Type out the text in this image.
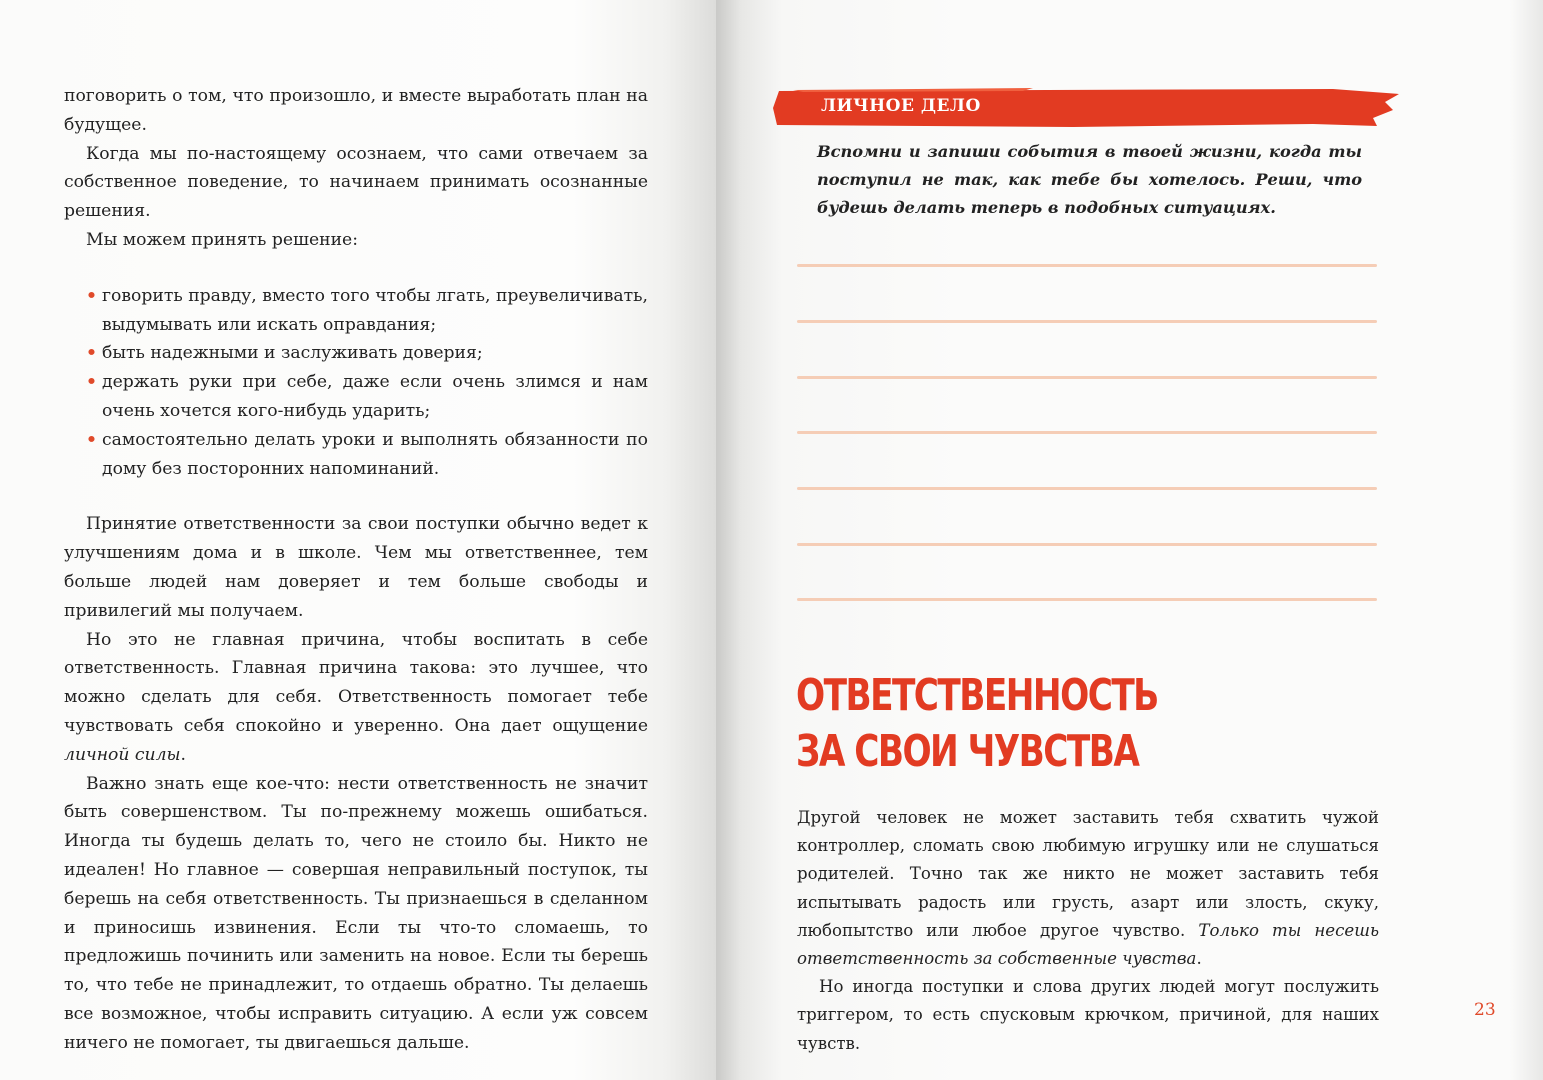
поговорить о том, что произошло, и вместе выработать план на будущее.

Когда мы по-настоящему осознаем, что сами отвечаем за собственное поведение, то начинаем принимать осознанные решения.

Мы можем принять решение:

•
говорить правду, вместо того чтобы лгать, преувеличивать, выдумывать или искать оправдания;
•
быть надежными и заслуживать доверия;
•
держать руки при себе, даже если очень злимся и нам очень хочется кого-нибудь ударить;
•
самостоятельно делать уроки и выполнять обязанности по дому без посторонних напоминаний.

Принятие ответственности за свои поступки обычно ведет к улучшениям дома и в школе. Чем мы ответственнее, тем больше людей нам доверяет и тем больше свободы и привилегий мы получаем.

Но это не главная причина, чтобы воспитать в себе ответственность. Главная причина такова: это лучшее, что можно сделать для себя. Ответственность помогает тебе чувствовать себя спокойно и уверенно. Она дает ощущение личной силы.

Важно знать еще кое-что: нести ответственность не значит быть совершенством. Ты по-прежнему можешь ошибаться. Иногда ты будешь делать то, чего не стоило бы. Никто не идеален! Но главное — совершая неправильный поступок, ты берешь на себя ответственность. Ты признаешься в сделанном и приносишь извинения. Если ты что-то сломаешь, то предложишь починить или заменить на новое. Если ты берешь то, что тебе не принадлежит, то отдаешь обратно. Ты делаешь все возможное, чтобы исправить ситуацию. А если уж совсем ничего не помогает, ты двигаешься дальше.

ЛИЧНОЕ ДЕЛО
Вспомни и запиши события в твоей жизни, когда ты поступил не так, как тебе бы хотелось. Реши, что будешь делать теперь в подобных ситуациях.
ОТВЕТСТВЕННОСТЬ
ЗА СВОИ ЧУВСТВА

Другой человек не может заставить тебя схватить чужой контроллер, сломать свою любимую игрушку или не слушаться родителей. Точно так же никто не может заставить тебя испытывать радость или грусть, азарт или злость, скуку, любопытство или любое другое чувство. Только ты несешь ответственность за собственные чувства.

Но иногда поступки и слова других людей могут послужить триггером, то есть спусковым крючком, причиной, для наших чувств.

23
